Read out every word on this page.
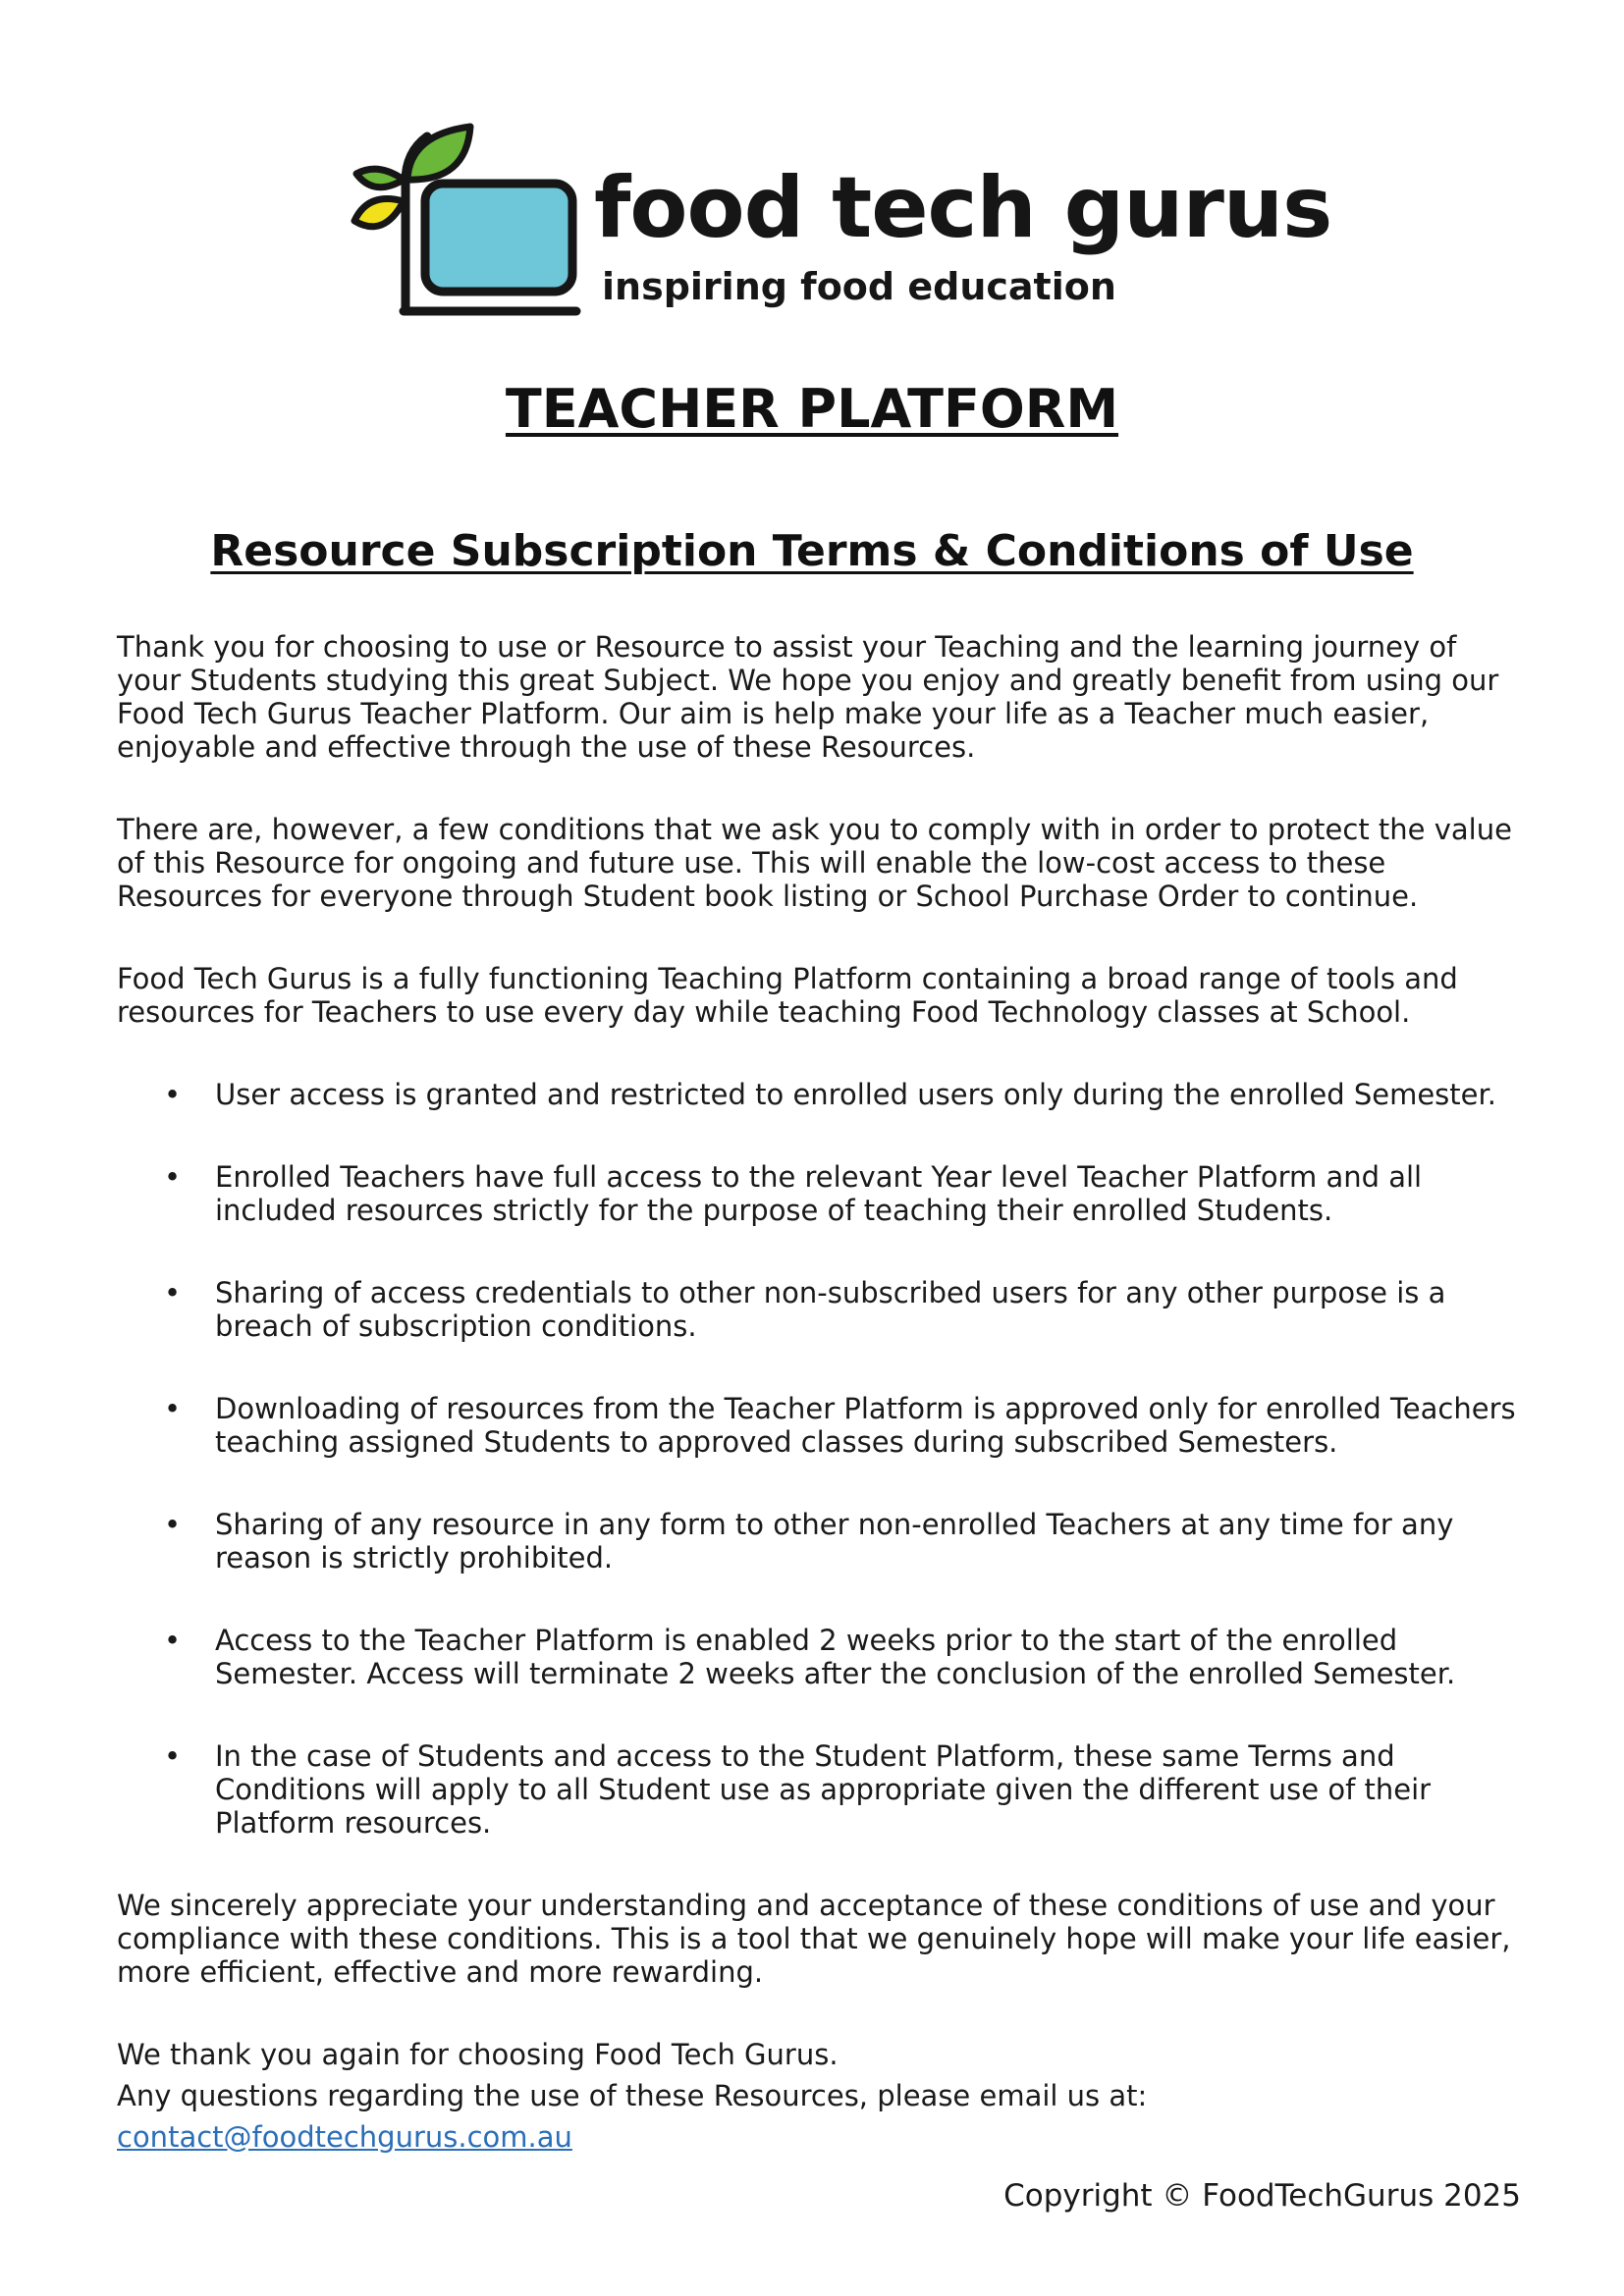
food tech gurus
inspiring food education
TEACHER PLATFORM
Resource Subscription Terms & Conditions of Use

Thank you for choosing to use or Resource to assist your Teaching and the learning journey of your Students studying this great Subject. We hope you enjoy and greatly benefit from using our Food Tech Gurus Teacher Platform. Our aim is help make your life as a Teacher much easier, enjoyable and effective through the use of these Resources.

There are, however, a few conditions that we ask you to comply with in order to protect the value of this Resource for ongoing and future use. This will enable the low-cost access to these Resources for everyone through Student book listing or School Purchase Order to continue.

Food Tech Gurus is a fully functioning Teaching Platform containing a broad range of tools and resources for Teachers to use every day while teaching Food Technology classes at School.

• User access is granted and restricted to enrolled users only during the enrolled Semester.
• Enrolled Teachers have full access to the relevant Year level Teacher Platform and all included resources strictly for the purpose of teaching their enrolled Students.
• Sharing of access credentials to other non-subscribed users for any other purpose is a breach of subscription conditions.
• Downloading of resources from the Teacher Platform is approved only for enrolled Teachers teaching assigned Students to approved classes during subscribed Semesters.
• Sharing of any resource in any form to other non-enrolled Teachers at any time for any reason is strictly prohibited.
• Access to the Teacher Platform is enabled 2 weeks prior to the start of the enrolled Semester. Access will terminate 2 weeks after the conclusion of the enrolled Semester.
• In the case of Students and access to the Student Platform, these same Terms and Conditions will apply to all Student use as appropriate given the different use of their Platform resources.

We sincerely appreciate your understanding and acceptance of these conditions of use and your compliance with these conditions. This is a tool that we genuinely hope will make your life easier, more efficient, effective and more rewarding.

We thank you again for choosing Food Tech Gurus.

Any questions regarding the use of these Resources, please email us at:

contact@foodtechgurus.com.au
Copyright © FoodTechGurus 2025
